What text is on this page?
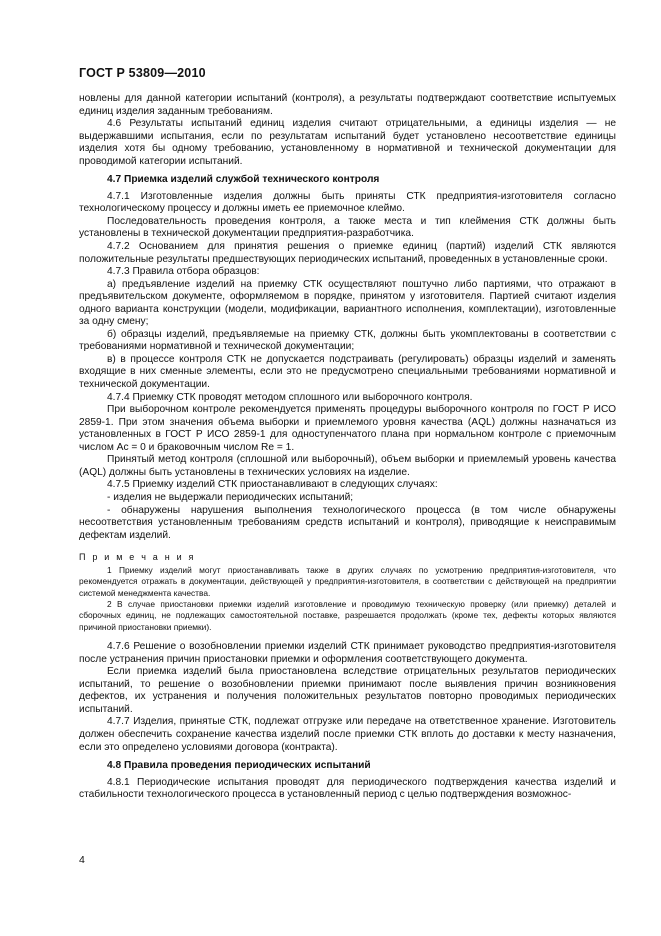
ГОСТ Р 53809—2010

новлены для данной категории испытаний (контроля), а результаты подтверждают соответствие испытуемых единиц изделия заданным требованиям.

4.6 Результаты испытаний единиц изделия считают отрицательными, а единицы изделия — не выдержавшими испытания, если по результатам испытаний будет установлено несоответствие единицы изделия хотя бы одному требованию, установленному в нормативной и технической документации для проводимой категории испытаний.

4.7 Приемка изделий службой технического контроля

4.7.1 Изготовленные изделия должны быть приняты СТК предприятия-изготовителя согласно технологическому процессу и должны иметь ее приемочное клеймо.

Последовательность проведения контроля, а также места и тип клеймения СТК должны быть установлены в технической документации предприятия-разработчика.

4.7.2 Основанием для принятия решения о приемке единиц (партий) изделий СТК являются положительные результаты предшествующих периодических испытаний, проведенных в установленные сроки.

4.7.3 Правила отбора образцов:

а) предъявление изделий на приемку СТК осуществляют поштучно либо партиями, что отражают в предъявительском документе, оформляемом в порядке, принятом у изготовителя. Партией считают изделия одного варианта конструкции (модели, модификации, вариантного исполнения, комплектации), изготовленные за одну смену;

б) образцы изделий, предъявляемые на приемку СТК, должны быть укомплектованы в соответствии с требованиями нормативной и технической документации;

в) в процессе контроля СТК не допускается подстраивать (регулировать) образцы изделий и заменять входящие в них сменные элементы, если это не предусмотрено специальными требованиями нормативной и технической документации.

4.7.4 Приемку СТК проводят методом сплошного или выборочного контроля.

При выборочном контроле рекомендуется применять процедуры выборочного контроля по ГОСТ Р ИСО 2859-1. При этом значения объема выборки и приемлемого уровня качества (AQL) должны назначаться из установленных в ГОСТ Р ИСО 2859-1 для одноступенчатого плана при нормальном контроле с приемочным числом Ac = 0 и браковочным числом Re = 1.

Принятый метод контроля (сплошной или выборочный), объем выборки и приемлемый уровень качества (AQL) должны быть установлены в технических условиях на изделие.

4.7.5 Приемку изделий СТК приостанавливают в следующих случаях:

- изделия не выдержали периодических испытаний;

- обнаружены нарушения выполнения технологического процесса (в том числе обнаружены несоответствия установленным требованиям средств испытаний и контроля), приводящие к неисправимым дефектам изделий.

П р и м е ч а н и я

1 Приемку изделий могут приостанавливать также в других случаях по усмотрению предприятия-изготовителя, что рекомендуется отражать в документации, действующей у предприятия-изготовителя, в соответствии с действующей на предприятии системой менеджмента качества.

2 В случае приостановки приемки изделий изготовление и проводимую техническую проверку (или приемку) деталей и сборочных единиц, не подлежащих самостоятельной поставке, разрешается продолжать (кроме тех, дефекты которых являются причиной приостановки приемки).

4.7.6 Решение о возобновлении приемки изделий СТК принимает руководство предприятия-изготовителя после устранения причин приостановки приемки и оформления соответствующего документа.

Если приемка изделий была приостановлена вследствие отрицательных результатов периодических испытаний, то решение о возобновлении приемки принимают после выявления причин возникновения дефектов, их устранения и получения положительных результатов повторно проводимых периодических испытаний.

4.7.7 Изделия, принятые СТК, подлежат отгрузке или передаче на ответственное хранение. Изготовитель должен обеспечить сохранение качества изделий после приемки СТК вплоть до доставки к месту назначения, если это определено условиями договора (контракта).

4.8 Правила проведения периодических испытаний

4.8.1 Периодические испытания проводят для периодического подтверждения качества изделий и стабильности технологического процесса в установленный период с целью подтверждения возможнос-

4
